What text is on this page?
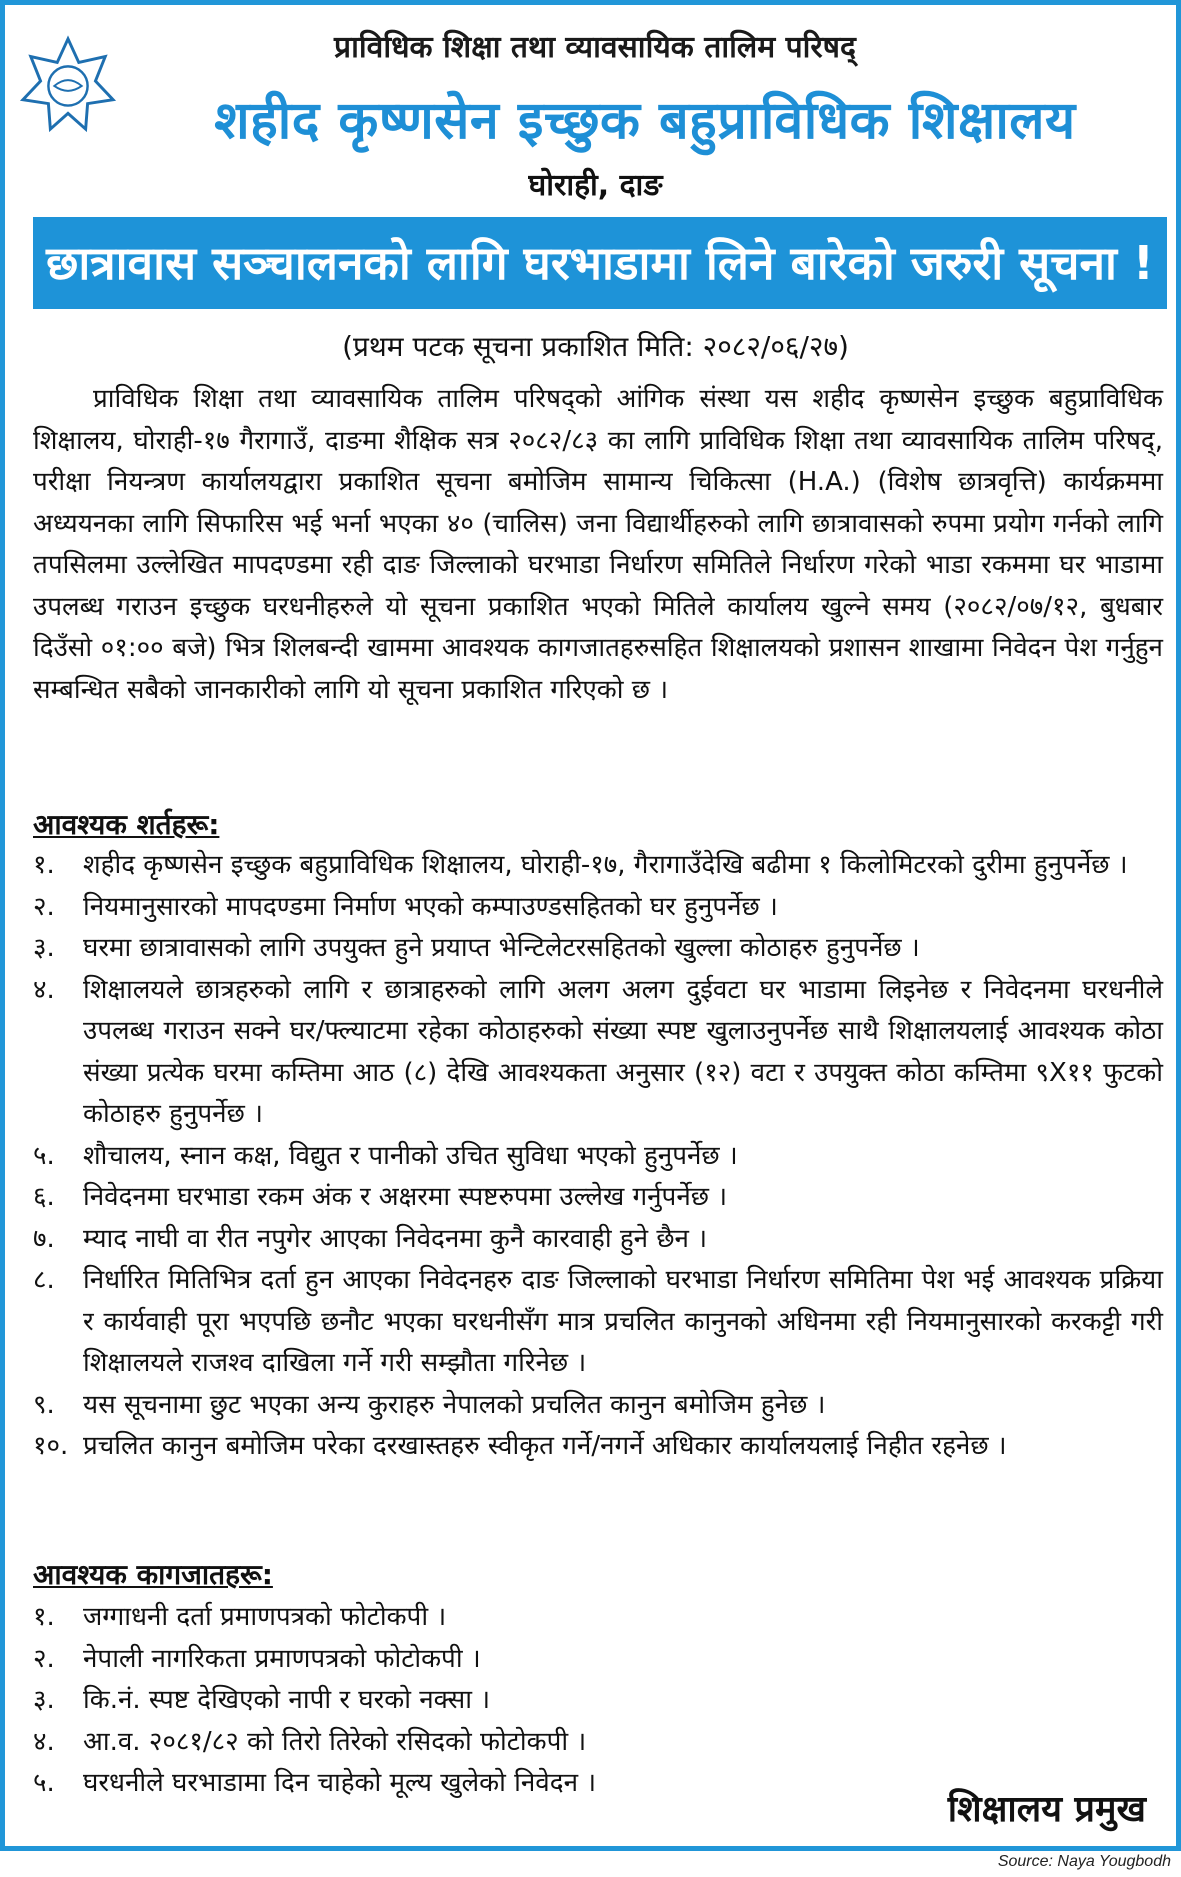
प्राविधिक शिक्षा तथा व्यावसायिक तालिम परिषद्
शहीद कृष्णसेन इच्छुक बहुप्राविधिक शिक्षालय
घोराही, दाङ
छात्रावास सञ्चालनको लागि घरभाडामा लिने बारेको जरुरी सूचना !
(प्रथम पटक सूचना प्रकाशित मिति: २०८२/०६/२७)
प्राविधिक शिक्षा तथा व्यावसायिक तालिम परिषद्को आंगिक संस्था यस शहीद कृष्णसेन इच्छुक बहुप्राविधिक शिक्षालय, घोराही-१७ गैरागाउँ, दाङमा शैक्षिक सत्र २०८२/८३ का लागि प्राविधिक शिक्षा तथा व्यावसायिक तालिम परिषद्, परीक्षा नियन्त्रण कार्यालयद्वारा प्रकाशित सूचना बमोजिम सामान्य चिकित्सा (H.A.) (विशेष छात्रवृत्ति) कार्यक्रममा अध्ययनका लागि सिफारिस भई भर्ना भएका ४० (चालिस) जना विद्यार्थीहरुको लागि छात्रावासको रुपमा प्रयोग गर्नको लागि तपसिलमा उल्लेखित मापदण्डमा रही दाङ जिल्लाको घरभाडा निर्धारण समितिले निर्धारण गरेको भाडा रकममा घर भाडामा उपलब्ध गराउन इच्छुक घरधनीहरुले यो सूचना प्रकाशित भएको मितिले कार्यालय खुल्ने समय (२०८२/०७/१२, बुधबार दिउँसो ०१:०० बजे) भित्र शिलबन्दी खाममा आवश्यक कागजातहरुसहित शिक्षालयको प्रशासन शाखामा निवेदन पेश गर्नुहुन सम्बन्धित सबैको जानकारीको लागि यो सूचना प्रकाशित गरिएको छ ।
आवश्यक शर्तहरू:
१.	शहीद कृष्णसेन इच्छुक बहुप्राविधिक शिक्षालय, घोराही-१७, गैरागाउँदेखि बढीमा १ किलोमिटरको दुरीमा हुनुपर्नेछ ।
२.	नियमानुसारको मापदण्डमा निर्माण भएको कम्पाउण्डसहितको घर हुनुपर्नेछ ।
३.	घरमा छात्रावासको लागि उपयुक्त हुने प्रयाप्त भेन्टिलेटरसहितको खुल्ला कोठाहरु हुनुपर्नेछ ।
४.	शिक्षालयले छात्रहरुको लागि र छात्राहरुको लागि अलग अलग दुईवटा घर भाडामा लिइनेछ र निवेदनमा घरधनीले उपलब्ध गराउन सक्ने घर/फ्ल्याटमा रहेका कोठाहरुको संख्या स्पष्ट खुलाउनुपर्नेछ साथै शिक्षालयलाई आवश्यक कोठा संख्या प्रत्येक घरमा कम्तिमा आठ (८) देखि आवश्यकता अनुसार (१२) वटा र उपयुक्त कोठा कम्तिमा ९X११ फुटको कोठाहरु हुनुपर्नेछ ।
५.	शौचालय, स्नान कक्ष, विद्युत र पानीको उचित सुविधा भएको हुनुपर्नेछ ।
६.	निवेदनमा घरभाडा रकम अंक र अक्षरमा स्पष्टरुपमा उल्लेख गर्नुपर्नेछ ।
७.	म्याद नाघी वा रीत नपुगेर आएका निवेदनमा कुनै कारवाही हुने छैन ।
८.	निर्धारित मितिभित्र दर्ता हुन आएका निवेदनहरु दाङ जिल्लाको घरभाडा निर्धारण समितिमा पेश भई आवश्यक प्रक्रिया र कार्यवाही पूरा भएपछि छनौट भएका घरधनीसँग मात्र प्रचलित कानुनको अधिनमा रही नियमानुसारको करकट्टी गरी शिक्षालयले राजश्व दाखिला गर्ने गरी सम्झौता गरिनेछ ।
९.	यस सूचनामा छुट भएका अन्य कुराहरु नेपालको प्रचलित कानुन बमोजिम हुनेछ ।
१०. प्रचलित कानुन बमोजिम परेका दरखास्तहरु स्वीकृत गर्ने/नगर्ने अधिकार कार्यालयलाई निहीत रहनेछ ।
आवश्यक कागजातहरू:
१.	जग्गाधनी दर्ता प्रमाणपत्रको फोटोकपी ।
२.	नेपाली नागरिकता प्रमाणपत्रको फोटोकपी ।
३.	कि.नं. स्पष्ट देखिएको नापी र घरको नक्सा ।
४.	आ.व. २०८१/८२ को तिरो तिरेको रसिदको फोटोकपी ।
५.	घरधनीले घरभाडामा दिन चाहेको मूल्य खुलेको निवेदन ।
शिक्षालय प्रमुख
Source: Naya Yougbodh
